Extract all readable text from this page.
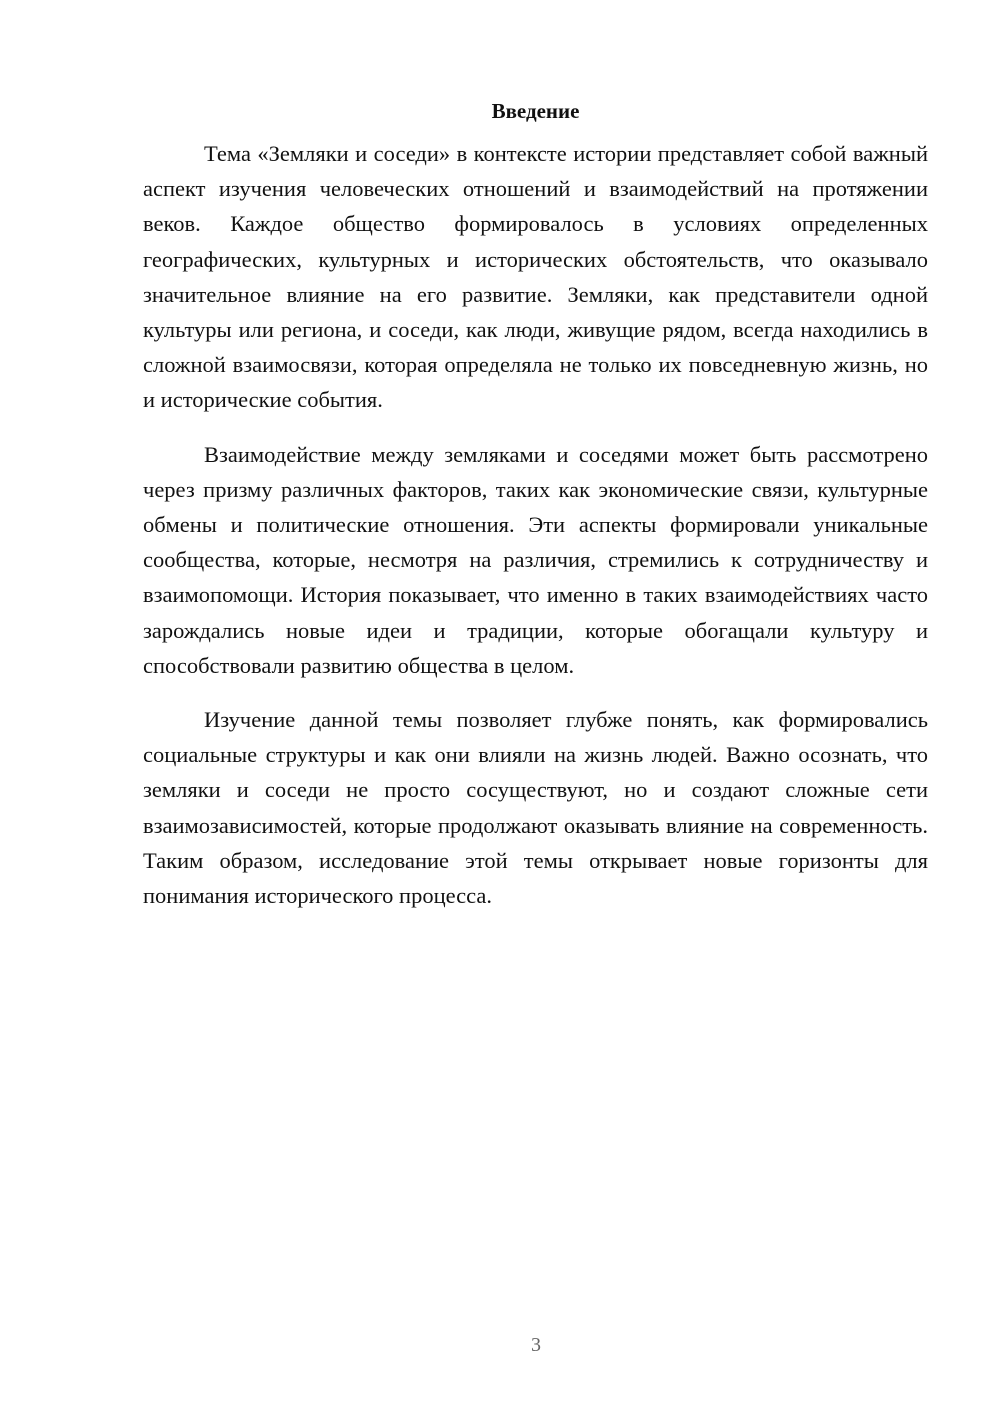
Введение

Тема «Земляки и соседи» в контексте истории представляет собой важный аспект изучения человеческих отношений и взаимодействий на протяжении веков. Каждое общество формировалось в условиях определенных географических, культурных и исторических обстоятельств, что оказывало значительное влияние на его развитие. Земляки, как представители одной культуры или региона, и соседи, как люди, живущие рядом, всегда находились в сложной взаимосвязи, которая определяла не только их повседневную жизнь, но и исторические события.

Взаимодействие между земляками и соседями может быть рассмотрено через призму различных факторов, таких как экономические связи, культурные обмены и политические отношения. Эти аспекты формировали уникальные сообщества, которые, несмотря на различия, стремились к сотрудничеству и взаимопомощи. История показывает, что именно в таких взаимодействиях часто зарождались новые идеи и традиции, которые обогащали культуру и способствовали развитию общества в целом.

Изучение данной темы позволяет глубже понять, как формировались социальные структуры и как они влияли на жизнь людей. Важно осознать, что земляки и соседи не просто сосуществуют, но и создают сложные сети взаимозависимостей, которые продолжают оказывать влияние на современность. Таким образом, исследование этой темы открывает новые горизонты для понимания исторического процесса.

3
